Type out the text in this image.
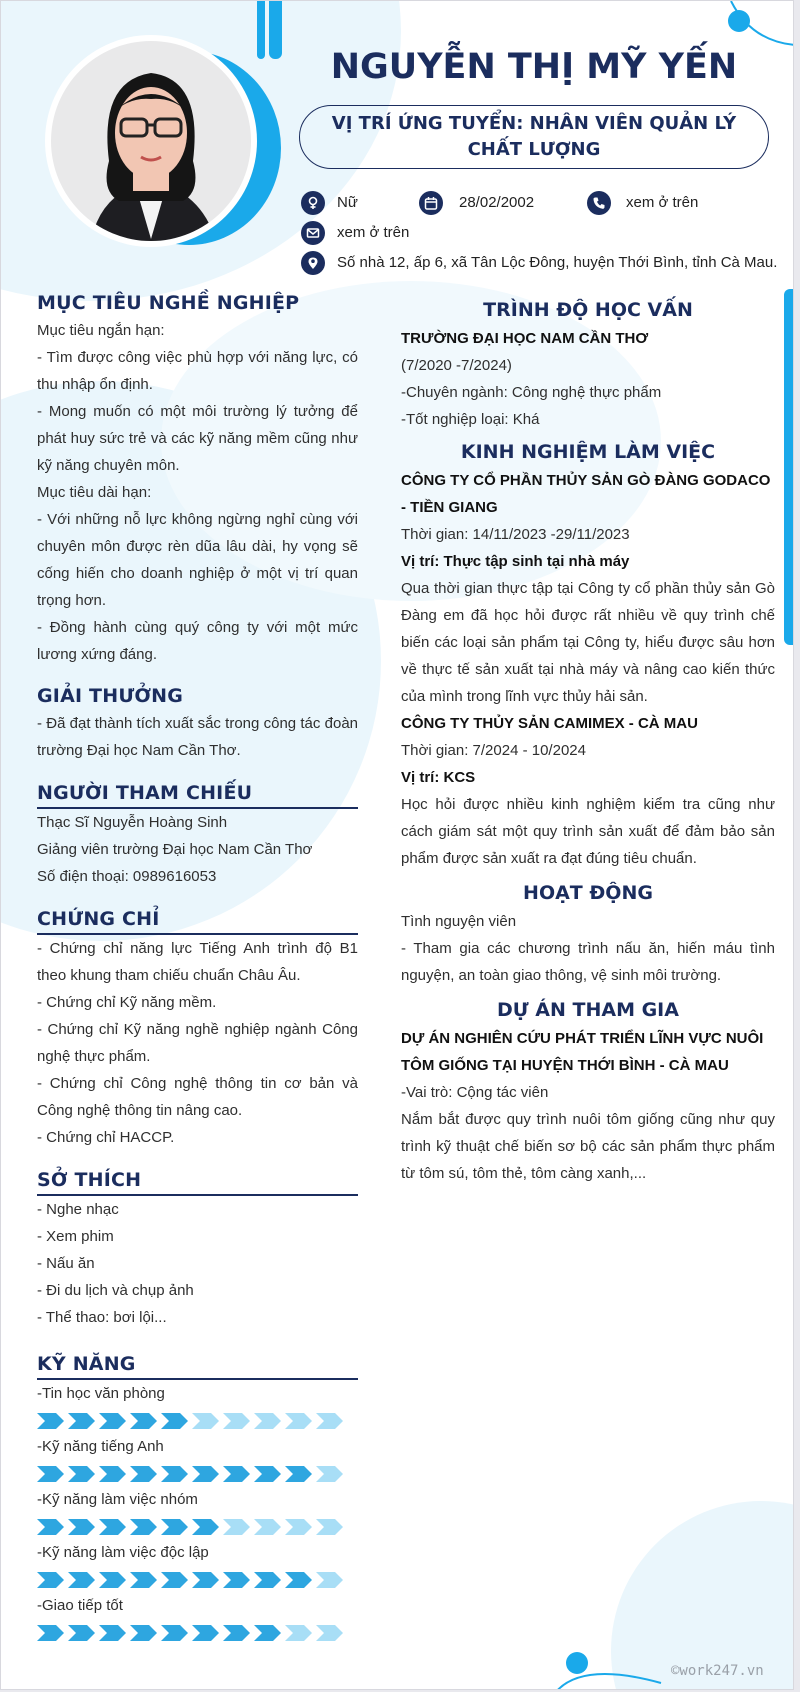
NGUYỄN THỊ MỸ YẾN
VỊ TRÍ ỨNG TUYỂN: NHÂN VIÊN QUẢN LÝ CHẤT LƯỢNG
Nữ	28/02/2002	xem ở trên
xem ở trên
Số nhà 12, ấp 6, xã Tân Lộc Đông, huyện Thới Bình, tỉnh Cà Mau.
MỤC TIÊU NGHỀ NGHIỆP
Mục tiêu ngắn hạn:
- Tìm được công việc phù hợp với năng lực, có thu nhập ổn định.
- Mong muốn có một môi trường lý tưởng để phát huy sức trẻ và các kỹ năng mềm cũng như kỹ năng chuyên môn.
Mục tiêu dài hạn:
- Với những nỗ lực không ngừng nghỉ cùng với chuyên môn được rèn dũa lâu dài, hy vọng sẽ cống hiến cho doanh nghiệp ở một vị trí quan trọng hơn.
- Đồng hành cùng quý công ty với một mức lương xứng đáng.
GIẢI THƯỞNG
- Đã đạt thành tích xuất sắc trong công tác đoàn trường Đại học Nam Cần Thơ.
NGƯỜI THAM CHIẾU
Thạc Sĩ Nguyễn Hoàng Sinh
Giảng viên trường Đại học Nam Cần Thơ
Số điện thoại: 0989616053
CHỨNG CHỈ
- Chứng chỉ năng lực Tiếng Anh trình độ B1 theo khung tham chiếu chuẩn Châu Âu.
- Chứng chỉ Kỹ năng mềm.
- Chứng chỉ Kỹ năng nghề nghiệp ngành Công nghệ thực phẩm.
- Chứng chỉ Công nghệ thông tin cơ bản và Công nghệ thông tin nâng cao.
- Chứng chỉ HACCP.
SỞ THÍCH
- Nghe nhạc
- Xem phim
- Nấu ăn
- Đi du lịch và chụp ảnh
- Thể thao: bơi lội...
KỸ NĂNG
-Tin học văn phòng
-Kỹ năng tiếng Anh
-Kỹ năng làm việc nhóm
-Kỹ năng làm việc độc lập
-Giao tiếp tốt
TRÌNH ĐỘ HỌC VẤN
TRƯỜNG ĐẠI HỌC NAM CẦN THƠ
(7/2020 -7/2024)
-Chuyên ngành: Công nghệ thực phẩm
-Tốt nghiệp loại: Khá
KINH NGHIỆM LÀM VIỆC
CÔNG TY CỔ PHẦN THỦY SẢN GÒ ĐÀNG GODACO - TIỀN GIANG
Thời gian: 14/11/2023 -29/11/2023
Vị trí: Thực tập sinh tại nhà máy
Qua thời gian thực tập tại Công ty cổ phần thủy sản Gò Đàng em đã học hỏi được rất nhiều về quy trình chế biến các loại sản phẩm tại Công ty, hiểu được sâu hơn về thực tế sản xuất tại nhà máy và nâng cao kiến thức của mình trong lĩnh vực thủy hải sản.
CÔNG TY THỦY SẢN CAMIMEX - CÀ MAU
Thời gian: 7/2024 - 10/2024
Vị trí: KCS
Học hỏi được nhiều kinh nghiệm kiểm tra cũng như cách giám sát một quy trình sản xuất để đảm bảo sản phẩm được sản xuất ra đạt đúng tiêu chuẩn.
HOẠT ĐỘNG
Tình nguyện viên
- Tham gia các chương trình nấu ăn, hiến máu tình nguyện, an toàn giao thông, vệ sinh môi trường.
DỰ ÁN THAM GIA
DỰ ÁN NGHIÊN CỨU PHÁT TRIỂN LĨNH VỰC NUÔI TÔM GIỐNG TẠI HUYỆN THỚI BÌNH - CÀ MAU
-Vai trò: Cộng tác viên
Nắm bắt được quy trình nuôi tôm giống cũng như quy trình kỹ thuật chế biến sơ bộ các sản phẩm thực phẩm từ tôm sú, tôm thẻ, tôm càng xanh,...
©work247.vn
